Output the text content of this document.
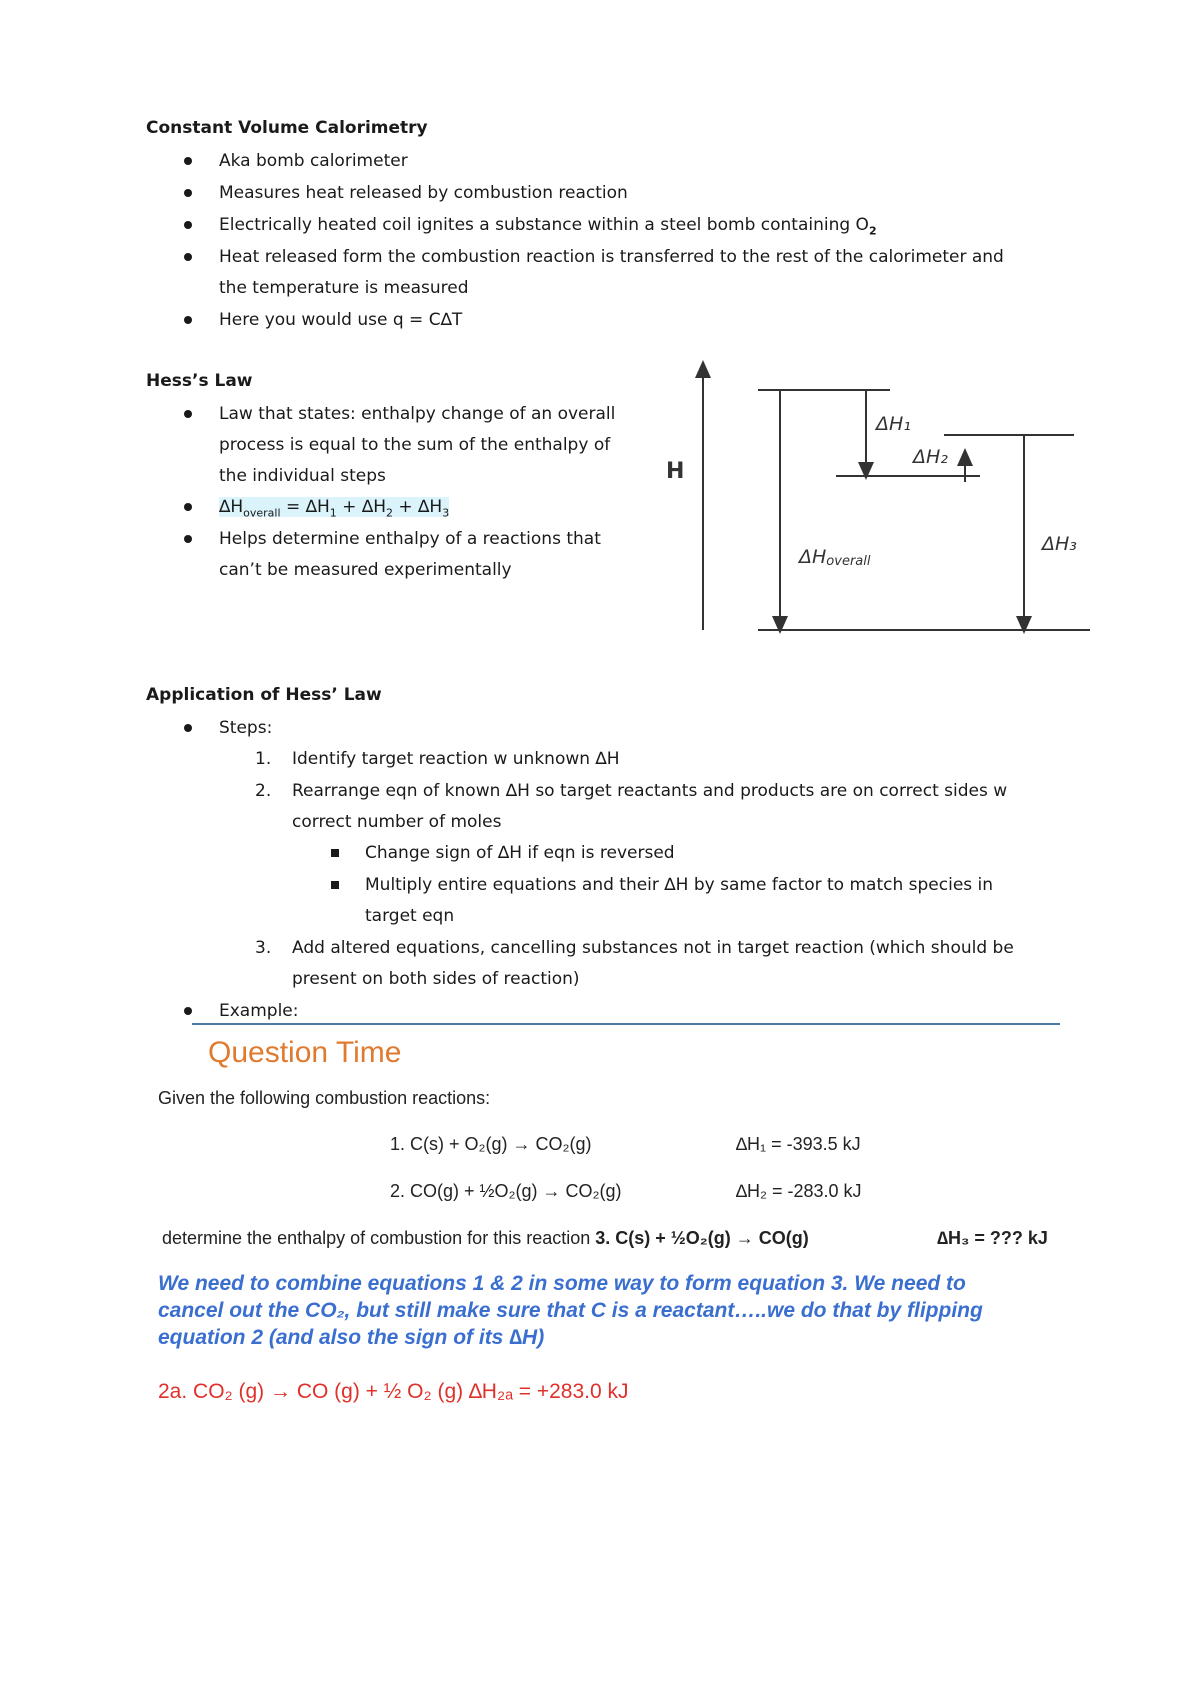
Constant Volume Calorimetry
Aka bomb calorimeter
Measures heat released by combustion reaction
Electrically heated coil ignites a substance within a steel bomb containing $O_2$
Heat released form the combustion reaction is transferred to the rest of the calorimeter and
the temperature is measured
Here you would use q = C∆T
Hess’s Law
Law that states: enthalpy change of an overall
process is equal to the sum of the enthalpy of
the individual steps
$\Delta H_{overall} = \Delta H_1 + \Delta H_2 + \Delta H_3$
Helps determine enthalpy of a reactions that
can’t be measured experimentally
H
ΔH₁
ΔH₂
ΔH₃
ΔHoverall
Application of Hess’ Law
Steps:
1. Identify target reaction w unknown ∆H
2. Rearrange eqn of known ∆H so target reactants and products are on correct sides w
correct number of moles
Change sign of ∆H if eqn is reversed
Multiply entire equations and their ∆H by same factor to match species in
target eqn
3. Add altered equations, cancelling substances not in target reaction (which should be
present on both sides of reaction)
Example:
Question Time
Given the following combustion reactions:
1. C(s) + O₂(g) → CO₂(g)	∆H₁ = -393.5 kJ
2. CO(g) + ½O₂(g) → CO₂(g)	∆H₂ = -283.0 kJ
determine the enthalpy of combustion for this reaction 3. C(s) + ½O₂(g) → CO(g)	∆H₃ = ??? kJ
We need to combine equations 1 & 2 in some way to form equation 3. We need to
cancel out the CO₂, but still make sure that C is a reactant…..we do that by flipping
equation 2 (and also the sign of its ∆H)
2a. CO₂ (g) → CO (g) + ½ O₂ (g) ∆H₂ₐ = +283.0 kJ
